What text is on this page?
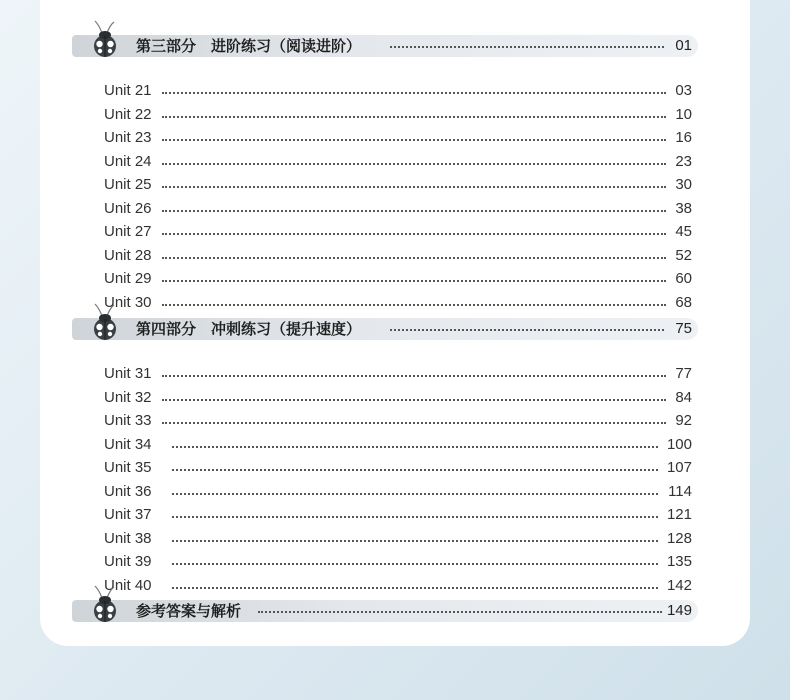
第三部分　进阶练习（阅读进阶）	01
Unit 21	03
Unit 22	10
Unit 23	16
Unit 24	23
Unit 25	30
Unit 26	38
Unit 27	45
Unit 28	52
Unit 29	60
Unit 30	68
第四部分　冲刺练习（提升速度）	75
Unit 31	77
Unit 32	84
Unit 33	92
Unit 34	100
Unit 35	107
Unit 36	114
Unit 37	121
Unit 38	128
Unit 39	135
Unit 40	142
参考答案与解析	149
